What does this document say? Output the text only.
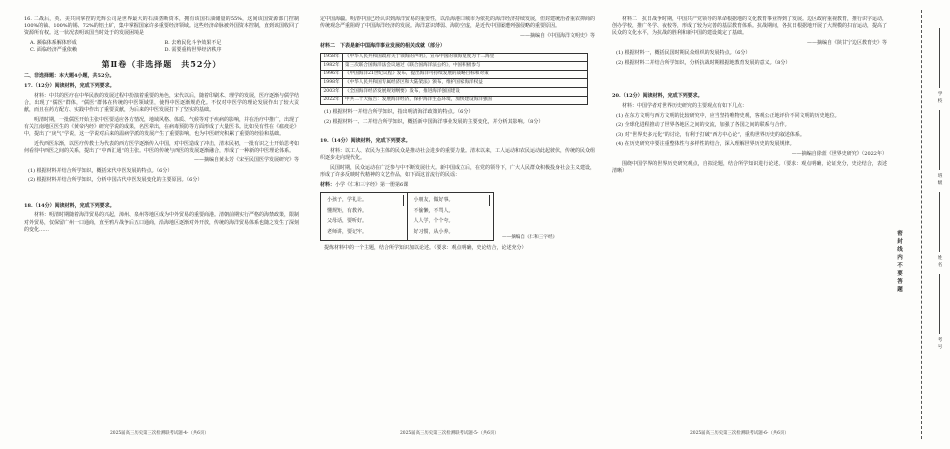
16. 二战后，英、美共同掌控的光辉公司是世界最大的石油垄断资本，拥有该国石油储量的55%，这间该国资源部门控制100%的铀、100%的锡、72%的铝土矿，集中掌握国家许多重要经济领域。这些经济命脉被外国资本控制，直到该国收回了资源所有权。这一状况表明该国当时处于的发展困境是

A. 濒临体系解体形成	B. 去殖民化斗争效果不足
C. 面临经济严重依赖	D. 需要重构世界经济秩序
第Ⅱ卷（非选择题　共52分）

二、非选择题：本大题4小题，共52分。

17.（12分）阅读材料，完成下列要求。

材料：中共的医疗在中华民族的发展过程中扮演着重要的角色，宋代以后，随着印刷术、理学的发展，医疗逐渐与儒学结合，出现了“儒医”群体，“儒医”群体在传统的中医领域里，使得中医逐渐规范化。不仅对中医学的理论发展作出了较大贡献，而且在药方配方、实践中作出了重要贡献，为后来的中医发展打下了坚实的基础。

明清时期，一批儒医开始主张中医要适应各方情况，地域风格、体质、气候等对于疾病的影响，并在治疗中推广，出现了有关江南地区医生的《黄帝内经》研究学说的成果，名医辈出，在病毒预防等方面形成了大量医书。比如吴有性在《瘟疫论》中，提出了“戾气”学说，这一学说对后来的温病学派的发展产生了重要影响，也为中医研究积累了重要的经验和基础。

近代西医东渐，以医疗传教士为代表的西方医学逐渐传入中国，对中医造成了冲击，清末民初，一批有识之士开始思考如何看待中西医之间的关系，提出了“中西汇通”的主张。中医的传统与西医的发展逐渐融合，形成了一种新的中医理论体系。

——摘编自黄永芳《宋至民国医学发展研究》等

(1) 根据材料并结合所学知识，概括宋代中医发展的特点。（6分）

(2) 根据材料并结合所学知识，分析中国古代中医发展变化的主要原因。（6分）

18.（14分）阅读材料，完成下列要求。

材料：明清时期随着海洋贸易的兴起，漳州、泉州等地区成为中外贸易的重要商港。清朝前期实行严格的海禁政策，限制对外贸易，仅保留广州一口通商，直至鸦片战争后五口通商，沿海地区逐渐对外开放，传统的海洋贸易体系也随之发生了深刻的变化……

2025届高三历史第三次检测联考试题-4-（共6页）

定中国海疆。明清中国已经认识到海洋贸易的重要性，以沿海港口城市为依托的海洋经济持续发展，但封建统治者重农抑商的传统观念严重阻碍了中国海洋经济的发展。海洋意识薄弱、海防空虚，是近代中国屡遭列强侵略的重要原因。

——摘编自《中国海洋文明史》等

材料二　下表是新中国海洋事业发展的相关成就（部分）

1958年	《中华人民共和国政府关于领海的声明》，宣布中国的领海宽度为十二海里
1982年	第三次联合国海洋法会议通过《联合国海洋法公约》，中国积极参与
1996年	《中国海洋21世纪议程》发布，提出海洋可持续发展的战略目标和对策
1998年	《中华人民共和国专属经济区和大陆架法》颁布，维护国家海洋权益
2003年	《全国海洋经济发展规划纲要》发布，推进海洋强国建设
2022年	中共二十大报告：发展海洋经济，保护海洋生态环境，加快建设海洋强国

(1) 根据材料一并结合所学知识，指出明清海洋政策的特点。（6分）

(2) 根据材料一、二并结合所学知识，概括新中国海洋事业发展的主要变化，并分析其影响。（8分）

19.（14分）阅读材料，完成下列要求。

材料：以工人、农民为主体的民众是推动社会进步的重要力量。清末以来，工人运动和农民运动此起彼伏，传统的民众组织逐步走向现代化。

民国时期，民众运动在广泛参与中不断发展壮大。新中国成立后，在党的领导下，广大人民群众积极投身社会主义建设，形成了许多反映时代精神的文艺作品，如下面这首流行的民谣：

材料：小学《仁和三字经》第一册第6课

小孩子，学礼让。
懂规矩，有教养。
父母话，要听好。
老师讲，要记牢。
小朋友，做好事。
不偷懒，不骂人。
人人学，个个夸。
好习惯，从小养。
——摘编自《仁和三字经》

提炼材料中的一个主题，结合所学知识加以论述。（要求：观点明确，史论结合，论述充分）

2025届高三历史第三次检测联考试题-5-（共6页）

材料二　抗日战争时期，中国共产党领导的革命根据地的文化教育事业得到了发展。边区政府重视教育，推行识字运动，创办学校，推广冬学、夜校等，形成了较为完善的基层教育体系。抗战期间，各抗日根据地开展了大规模的扫盲运动，提高了民众的文化水平，为抗战的胜利和新中国的建设奠定了基础。

——摘编自《陕甘宁边区教育史》等

(1) 根据材料一，概括民国时期民众组织的发展特点。（6分）

(2) 根据材料二并结合所学知识，分析抗战时期根据地教育发展的意义。（8分）

20.（12分）阅读材料，完成下列要求。

材料：中国学者对世界历史研究的主要观点有如下几点：

(1) 在东方文明与西方文明的比较研究中，应当坚持唯物史观，客观公正地评价不同文明的历史地位。

(2) 全球化进程推动了世界各地区之间的交流，加强了各国之间的联系与合作。

(3) 对“世界史多元化”的讨论，有利于打破“西方中心论”，重构世界历史的叙述体系。

(4) 在历史研究中要注重整体性与多样性的结合，深入理解世界历史的发展规律。

——摘编自徐蓝《世界史研究》（2022年）

围绕中国学界的世界历史研究观点，自拟论题，结合所学知识进行论述。（要求：观点明确，论证充分，史论结合，表述清晰）

2025届高三历史第三次检测联考试题-6-（共6页）
密封线内不要答题
学校
班级
姓名
考号
